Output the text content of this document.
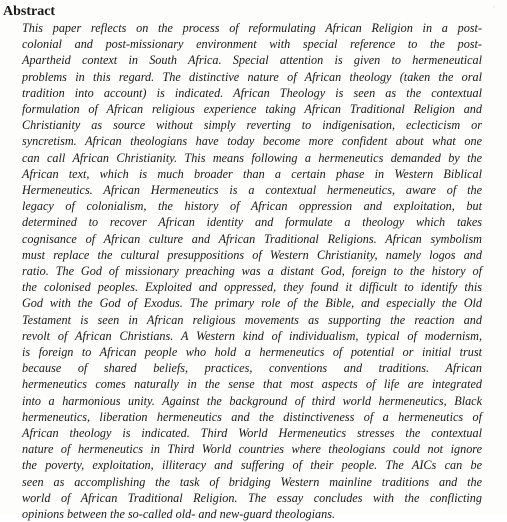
Abstract	′
This paper reflects on the process of reformulating African Religion in a post-
colonial and post-missionary environment with special reference to the post-
Apartheid context in South Africa. Special attention is given to hermeneutical
problems in this regard. The distinctive nature of African theology (taken the oral
tradition into account) is indicated. African Theology is seen as the contextual
formulation of African religious experience taking African Traditional Religion and
Christianity as source without simply reverting to indigenisation, eclecticism or
syncretism. African theologians have today become more confident about what one
can call African Christianity. This means following a hermeneutics demanded by the
African text, which is much broader than a certain phase in Western Biblical
Hermeneutics. African Hermeneutics is a contextual hermeneutics, aware of the
legacy of colonialism, the history of African oppression and exploitation, but
determined to recover African identity and formulate a theology which takes
cognisance of African culture and African Traditional Religions. African symbolism
must replace the cultural presuppositions of Western Christianity, namely logos and
ratio. The God of missionary preaching was a distant God, foreign to the history of
the colonised peoples. Exploited and oppressed, they found it difficult to identify this
God with the God of Exodus. The primary role of the Bible, and especially the Old
Testament is seen in African religious movements as supporting the reaction and
revolt of African Christians. A Western kind of individualism, typical of modernism,
is foreign to African people who hold a hermeneutics of potential or initial trust
because of shared beliefs, practices, conventions and traditions. African
hermeneutics comes naturally in the sense that most aspects of life are integrated
into a harmonious unity. Against the background of third world hermeneutics, Black
hermeneutics, liberation hermeneutics and the distinctiveness of a hermeneutics of
African theology is indicated. Third World Hermeneutics stresses the contextual
nature of hermeneutics in Third World countries where theologians could not ignore
the poverty, exploitation, illiteracy and suffering of their people. The AICs can be
seen as accomplishing the task of bridging Western mainline traditions and the
world of African Traditional Religion. The essay concludes with the conflicting
opinions between the so-called old- and new-guard theologians.
